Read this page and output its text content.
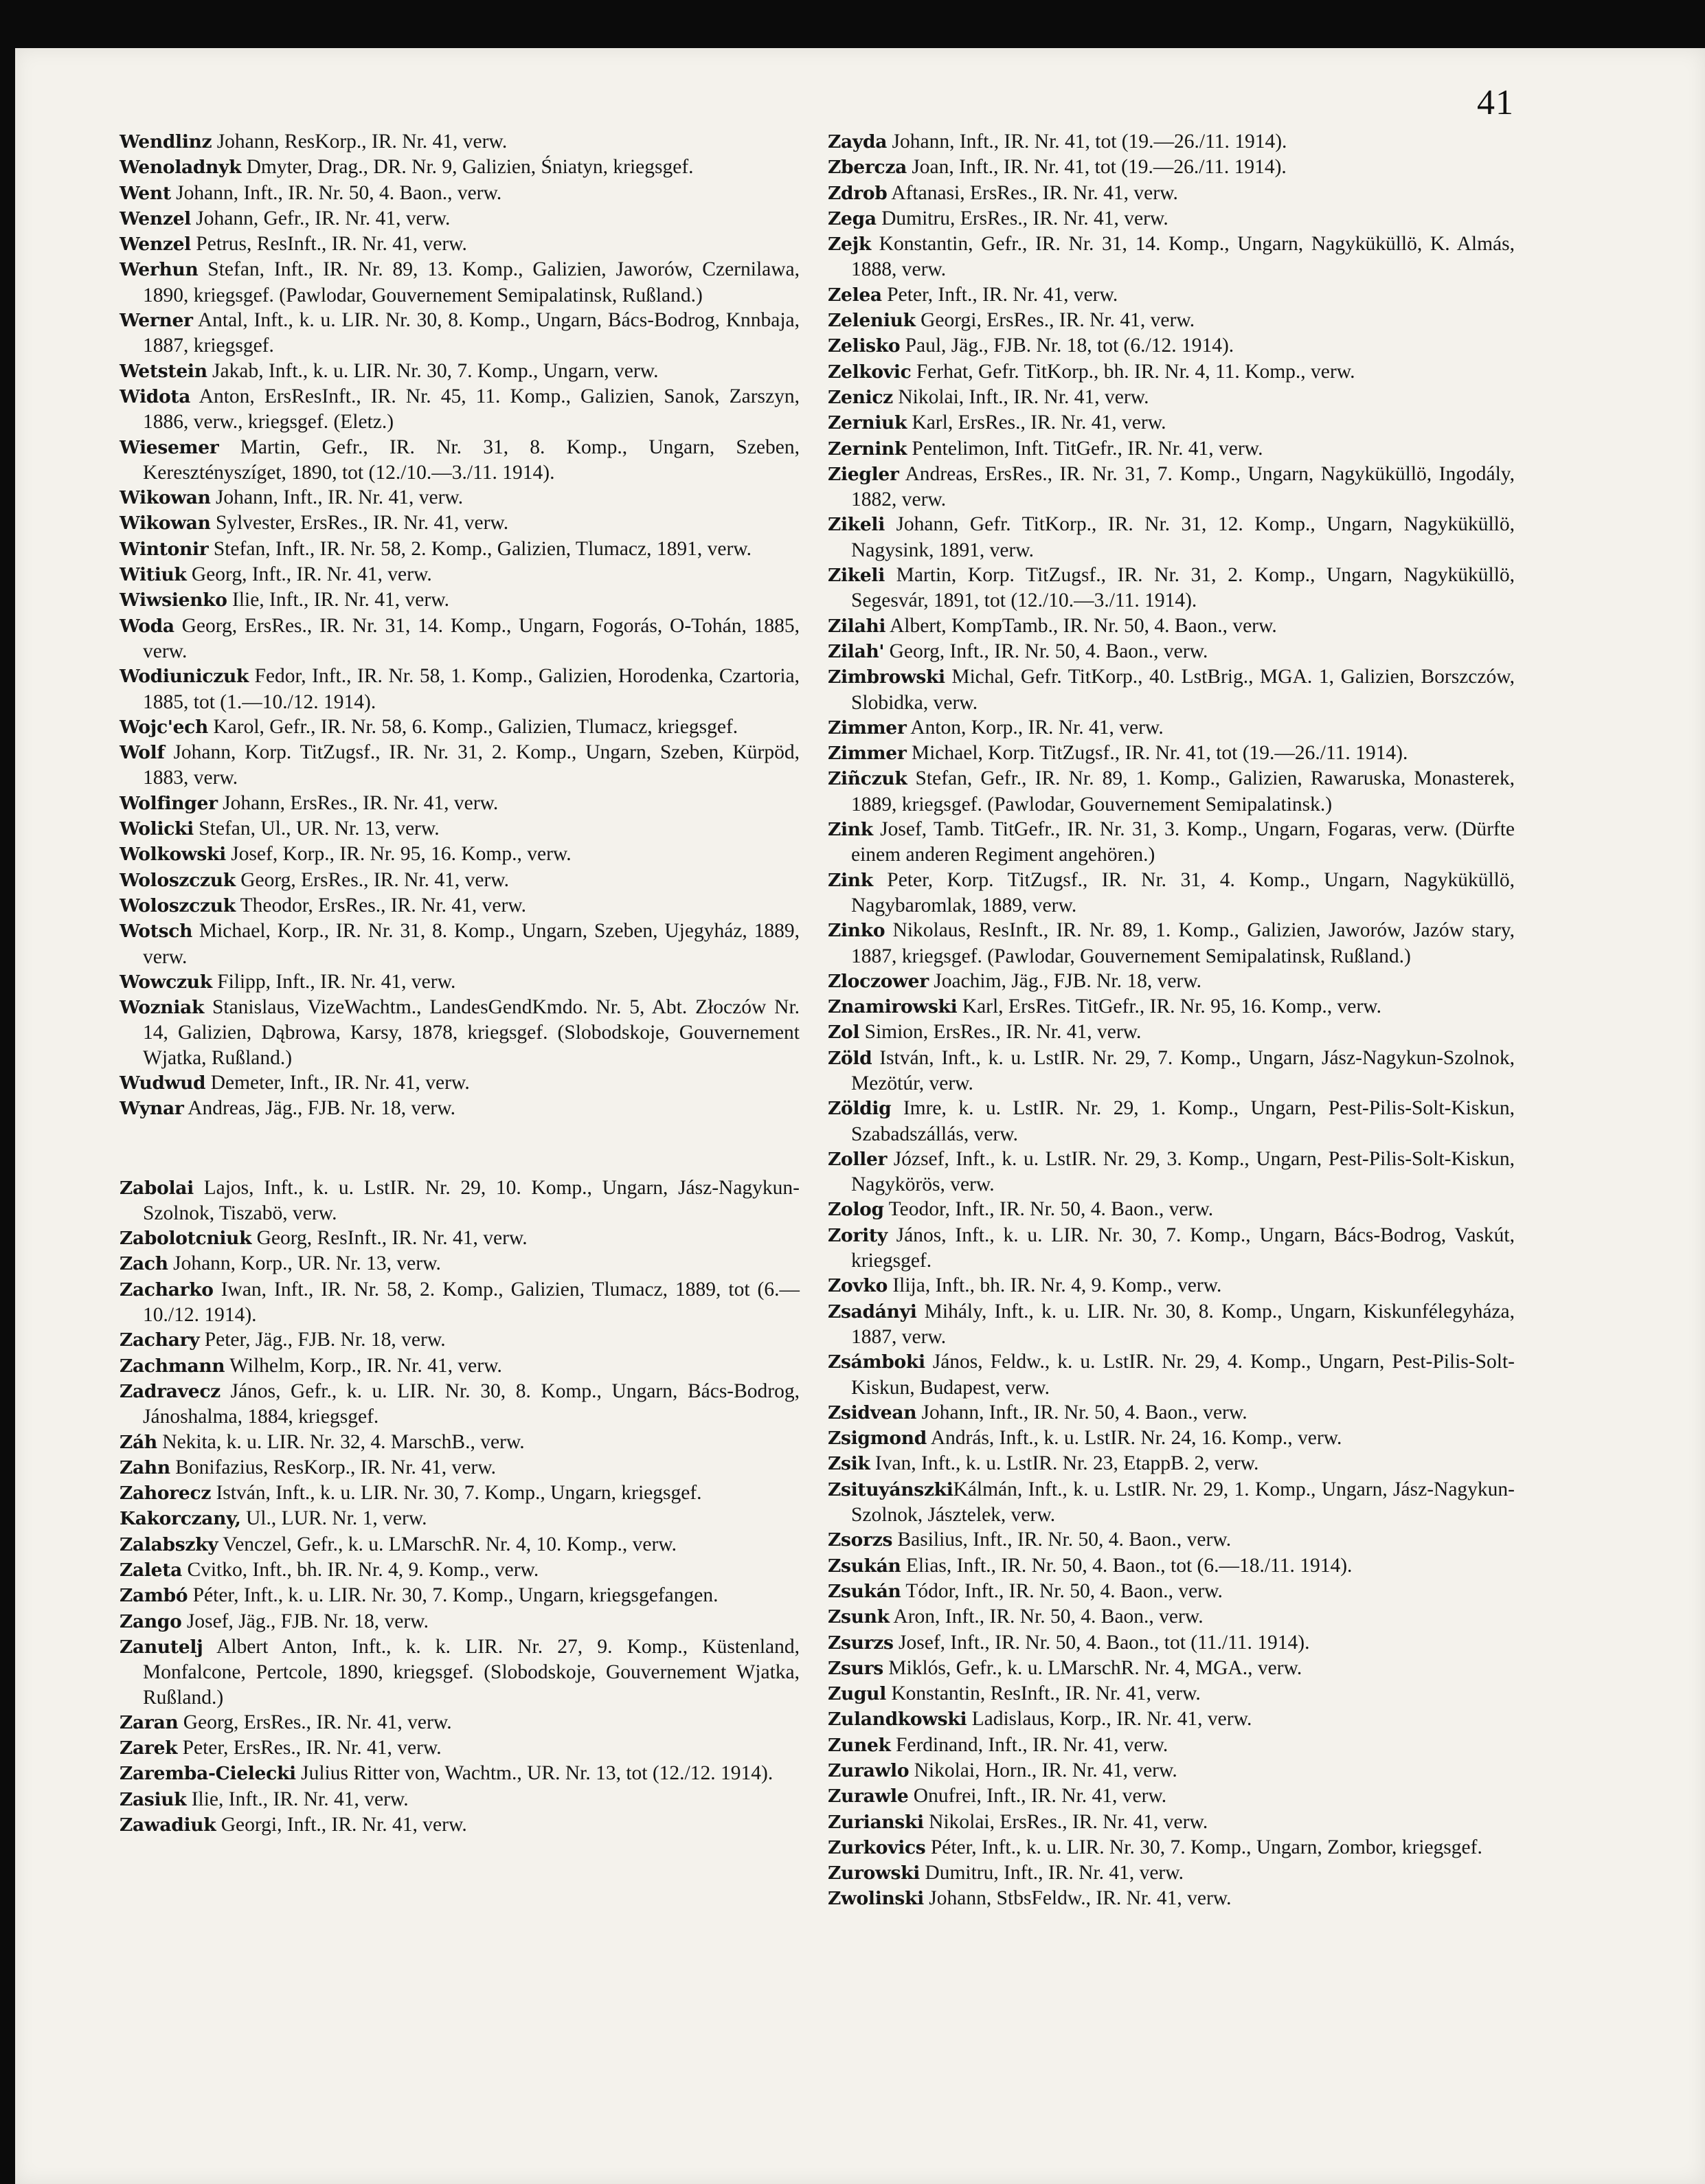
41
Wendlinz Johann, ResKorp., IR. Nr. 41, verw.
Wenoladnyk Dmyter, Drag., DR. Nr. 9, Galizien, Śniatyn, kriegsgef.
Went Johann, Inft., IR. Nr. 50, 4. Baon., verw.
Wenzel Johann, Gefr., IR. Nr. 41, verw.
Wenzel Petrus, ResInft., IR. Nr. 41, verw.
Werhun Stefan, Inft., IR. Nr. 89, 13. Komp., Galizien, Jaworów, Czernilawa, 1890, kriegsgef. (Pawlodar, Gouvernement Semipalatinsk, Rußland.)
Werner Antal, Inft., k. u. LIR. Nr. 30, 8. Komp., Ungarn, Bács-Bodrog, Knnbaja, 1887, kriegsgef.
Wetstein Jakab, Inft., k. u. LIR. Nr. 30, 7. Komp., Ungarn, verw.
Widota Anton, ErsResInft., IR. Nr. 45, 11. Komp., Galizien, Sanok, Zarszyn, 1886, verw., kriegsgef. (Eletz.)
Wiesemer Martin, Gefr., IR. Nr. 31, 8. Komp., Ungarn, Szeben, Keresztényszíget, 1890, tot (12./10.—3./11. 1914).
Wikowan Johann, Inft., IR. Nr. 41, verw.
Wikowan Sylvester, ErsRes., IR. Nr. 41, verw.
Wintonir Stefan, Inft., IR. Nr. 58, 2. Komp., Galizien, Tlumacz, 1891, verw.
Witiuk Georg, Inft., IR. Nr. 41, verw.
Wiwsienko Ilie, Inft., IR. Nr. 41, verw.
Woda Georg, ErsRes., IR. Nr. 31, 14. Komp., Ungarn, Fogorás, O-Tohán, 1885, verw.
Wodiuniczuk Fedor, Inft., IR. Nr. 58, 1. Komp., Galizien, Horodenka, Czartoria, 1885, tot (1.—10./12. 1914).
Wojc'ech Karol, Gefr., IR. Nr. 58, 6. Komp., Galizien, Tlumacz, kriegsgef.
Wolf Johann, Korp. TitZugsf., IR. Nr. 31, 2. Komp., Ungarn, Szeben, Kürpöd, 1883, verw.
Wolfinger Johann, ErsRes., IR. Nr. 41, verw.
Wolicki Stefan, Ul., UR. Nr. 13, verw.
Wolkowski Josef, Korp., IR. Nr. 95, 16. Komp., verw.
Woloszczuk Georg, ErsRes., IR. Nr. 41, verw.
Woloszczuk Theodor, ErsRes., IR. Nr. 41, verw.
Wotsch Michael, Korp., IR. Nr. 31, 8. Komp., Ungarn, Szeben, Ujegyház, 1889, verw.
Wowczuk Filipp, Inft., IR. Nr. 41, verw.
Wozniak Stanislaus, VizeWachtm., LandesGendKmdo. Nr. 5, Abt. Złoczów Nr. 14, Galizien, Dąbrowa, Karsy, 1878, kriegsgef. (Slobodskoje, Gouvernement Wjatka, Rußland.)
Wudwud Demeter, Inft., IR. Nr. 41, verw.
Wynar Andreas, Jäg., FJB. Nr. 18, verw.
Zabolai Lajos, Inft., k. u. LstIR. Nr. 29, 10. Komp., Ungarn, Jász-Nagykun-Szolnok, Tiszabö, verw.
Zabolotcniuk Georg, ResInft., IR. Nr. 41, verw.
Zach Johann, Korp., UR. Nr. 13, verw.
Zacharko Iwan, Inft., IR. Nr. 58, 2. Komp., Galizien, Tlumacz, 1889, tot (6.—10./12. 1914).
Zachary Peter, Jäg., FJB. Nr. 18, verw.
Zachmann Wilhelm, Korp., IR. Nr. 41, verw.
Zadravecz János, Gefr., k. u. LIR. Nr. 30, 8. Komp., Ungarn, Bács-Bodrog, Jánoshalma, 1884, kriegsgef.
Záh Nekita, k. u. LIR. Nr. 32, 4. MarschB., verw.
Zahn Bonifazius, ResKorp., IR. Nr. 41, verw.
Zahorecz István, Inft., k. u. LIR. Nr. 30, 7. Komp., Ungarn, kriegsgef.
Kakorczany, Ul., LUR. Nr. 1, verw.
Zalabszky Venczel, Gefr., k. u. LMarschR. Nr. 4, 10. Komp., verw.
Zaleta Cvitko, Inft., bh. IR. Nr. 4, 9. Komp., verw.
Zambó Péter, Inft., k. u. LIR. Nr. 30, 7. Komp., Ungarn, kriegsgefangen.
Zango Josef, Jäg., FJB. Nr. 18, verw.
Zanutelj Albert Anton, Inft., k. k. LIR. Nr. 27, 9. Komp., Küstenland, Monfalcone, Pertcole, 1890, kriegsgef. (Slobodskoje, Gouvernement Wjatka, Rußland.)
Zaran Georg, ErsRes., IR. Nr. 41, verw.
Zarek Peter, ErsRes., IR. Nr. 41, verw.
Zaremba-Cielecki Julius Ritter von, Wachtm., UR. Nr. 13, tot (12./12. 1914).
Zasiuk Ilie, Inft., IR. Nr. 41, verw.
Zawadiuk Georgi, Inft., IR. Nr. 41, verw.
Zayda Johann, Inft., IR. Nr. 41, tot (19.—26./11. 1914).
Zbercza Joan, Inft., IR. Nr. 41, tot (19.—26./11. 1914).
Zdrob Aftanasi, ErsRes., IR. Nr. 41, verw.
Zega Dumitru, ErsRes., IR. Nr. 41, verw.
Zejk Konstantin, Gefr., IR. Nr. 31, 14. Komp., Ungarn, Nagyküküllö, K. Almás, 1888, verw.
Zelea Peter, Inft., IR. Nr. 41, verw.
Zeleniuk Georgi, ErsRes., IR. Nr. 41, verw.
Zelisko Paul, Jäg., FJB. Nr. 18, tot (6./12. 1914).
Zelkovic Ferhat, Gefr. TitKorp., bh. IR. Nr. 4, 11. Komp., verw.
Zenicz Nikolai, Inft., IR. Nr. 41, verw.
Zerniuk Karl, ErsRes., IR. Nr. 41, verw.
Zernink Pentelimon, Inft. TitGefr., IR. Nr. 41, verw.
Ziegler Andreas, ErsRes., IR. Nr. 31, 7. Komp., Ungarn, Nagyküküllö, Ingodály, 1882, verw.
Zikeli Johann, Gefr. TitKorp., IR. Nr. 31, 12. Komp., Ungarn, Nagyküküllö, Nagysink, 1891, verw.
Zikeli Martin, Korp. TitZugsf., IR. Nr. 31, 2. Komp., Ungarn, Nagyküküllö, Segesvár, 1891, tot (12./10.—3./11. 1914).
Zilahi Albert, KompTamb., IR. Nr. 50, 4. Baon., verw.
Zilah' Georg, Inft., IR. Nr. 50, 4. Baon., verw.
Zimbrowski Michal, Gefr. TitKorp., 40. LstBrig., MGA. 1, Galizien, Borszczów, Slobidka, verw.
Zimmer Anton, Korp., IR. Nr. 41, verw.
Zimmer Michael, Korp. TitZugsf., IR. Nr. 41, tot (19.—26./11. 1914).
Ziñczuk Stefan, Gefr., IR. Nr. 89, 1. Komp., Galizien, Rawaruska, Monasterek, 1889, kriegsgef. (Pawlodar, Gouvernement Semipalatinsk.)
Zink Josef, Tamb. TitGefr., IR. Nr. 31, 3. Komp., Ungarn, Fogaras, verw. (Dürfte einem anderen Regiment angehören.)
Zink Peter, Korp. TitZugsf., IR. Nr. 31, 4. Komp., Ungarn, Nagyküküllö, Nagybaromlak, 1889, verw.
Zinko Nikolaus, ResInft., IR. Nr. 89, 1. Komp., Galizien, Jaworów, Jazów stary, 1887, kriegsgef. (Pawlodar, Gouvernement Semipalatinsk, Rußland.)
Zloczower Joachim, Jäg., FJB. Nr. 18, verw.
Znamirowski Karl, ErsRes. TitGefr., IR. Nr. 95, 16. Komp., verw.
Zol Simion, ErsRes., IR. Nr. 41, verw.
Zöld István, Inft., k. u. LstIR. Nr. 29, 7. Komp., Ungarn, Jász-Nagykun-Szolnok, Mezötúr, verw.
Zöldig Imre, k. u. LstIR. Nr. 29, 1. Komp., Ungarn, Pest-Pilis-Solt-Kiskun, Szabadszállás, verw.
Zoller József, Inft., k. u. LstIR. Nr. 29, 3. Komp., Ungarn, Pest-Pilis-Solt-Kiskun, Nagykörös, verw.
Zolog Teodor, Inft., IR. Nr. 50, 4. Baon., verw.
Zority János, Inft., k. u. LIR. Nr. 30, 7. Komp., Ungarn, Bács-Bodrog, Vaskút, kriegsgef.
Zovko Ilija, Inft., bh. IR. Nr. 4, 9. Komp., verw.
Zsadányi Mihály, Inft., k. u. LIR. Nr. 30, 8. Komp., Ungarn, Kiskunfélegyháza, 1887, verw.
Zsámboki János, Feldw., k. u. LstIR. Nr. 29, 4. Komp., Ungarn, Pest-Pilis-Solt-Kiskun, Budapest, verw.
Zsidvean Johann, Inft., IR. Nr. 50, 4. Baon., verw.
Zsigmond András, Inft., k. u. LstIR. Nr. 24, 16. Komp., verw.
Zsik Ivan, Inft., k. u. LstIR. Nr. 23, EtappB. 2, verw.
ZsituyánszkiKálmán, Inft., k. u. LstIR. Nr. 29, 1. Komp., Ungarn, Jász-Nagykun-Szolnok, Jásztelek, verw.
Zsorzs Basilius, Inft., IR. Nr. 50, 4. Baon., verw.
Zsukán Elias, Inft., IR. Nr. 50, 4. Baon., tot (6.—18./11. 1914).
Zsukán Tódor, Inft., IR. Nr. 50, 4. Baon., verw.
Zsunk Aron, Inft., IR. Nr. 50, 4. Baon., verw.
Zsurzs Josef, Inft., IR. Nr. 50, 4. Baon., tot (11./11. 1914).
Zsurs Miklós, Gefr., k. u. LMarschR. Nr. 4, MGA., verw.
Zugul Konstantin, ResInft., IR. Nr. 41, verw.
Zulandkowski Ladislaus, Korp., IR. Nr. 41, verw.
Zunek Ferdinand, Inft., IR. Nr. 41, verw.
Zurawlo Nikolai, Horn., IR. Nr. 41, verw.
Zurawle Onufrei, Inft., IR. Nr. 41, verw.
Zurianski Nikolai, ErsRes., IR. Nr. 41, verw.
Zurkovics Péter, Inft., k. u. LIR. Nr. 30, 7. Komp., Ungarn, Zombor, kriegsgef.
Zurowski Dumitru, Inft., IR. Nr. 41, verw.
Zwolinski Johann, StbsFeldw., IR. Nr. 41, verw.
